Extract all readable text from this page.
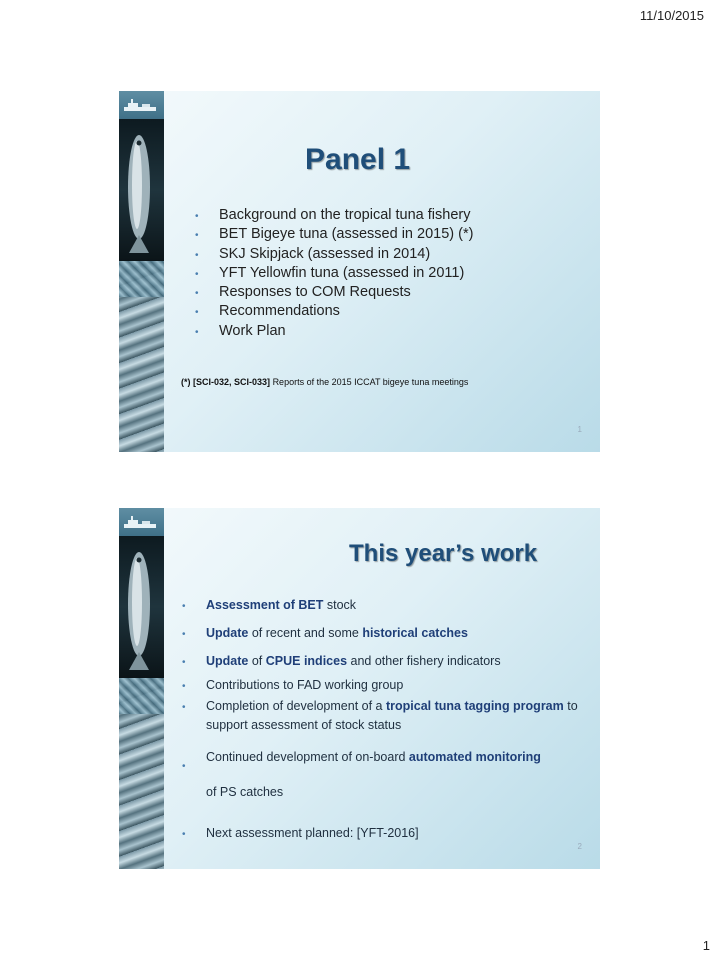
11/10/2015
Panel 1
• Background on the tropical tuna fishery
• BET Bigeye tuna (assessed in 2015) (*)
• SKJ Skipjack (assessed in 2014)
• YFT Yellowfin tuna (assessed in 2011)
• Responses to COM Requests
• Recommendations
• Work Plan
(*) [SCI-032, SCI-033] Reports of the 2015 ICCAT bigeye tuna meetings
1
This year’s work
• Assessment of BET stock
• Update of recent and some historical catches
• Update of CPUE indices and other fishery indicators
• Contributions to FAD working group
• Completion of development of a tropical tuna tagging program to support assessment of stock status
•
Continued development of on-board automated monitoring
of PS catches
• Next assessment planned: [YFT-2016]
2
1
